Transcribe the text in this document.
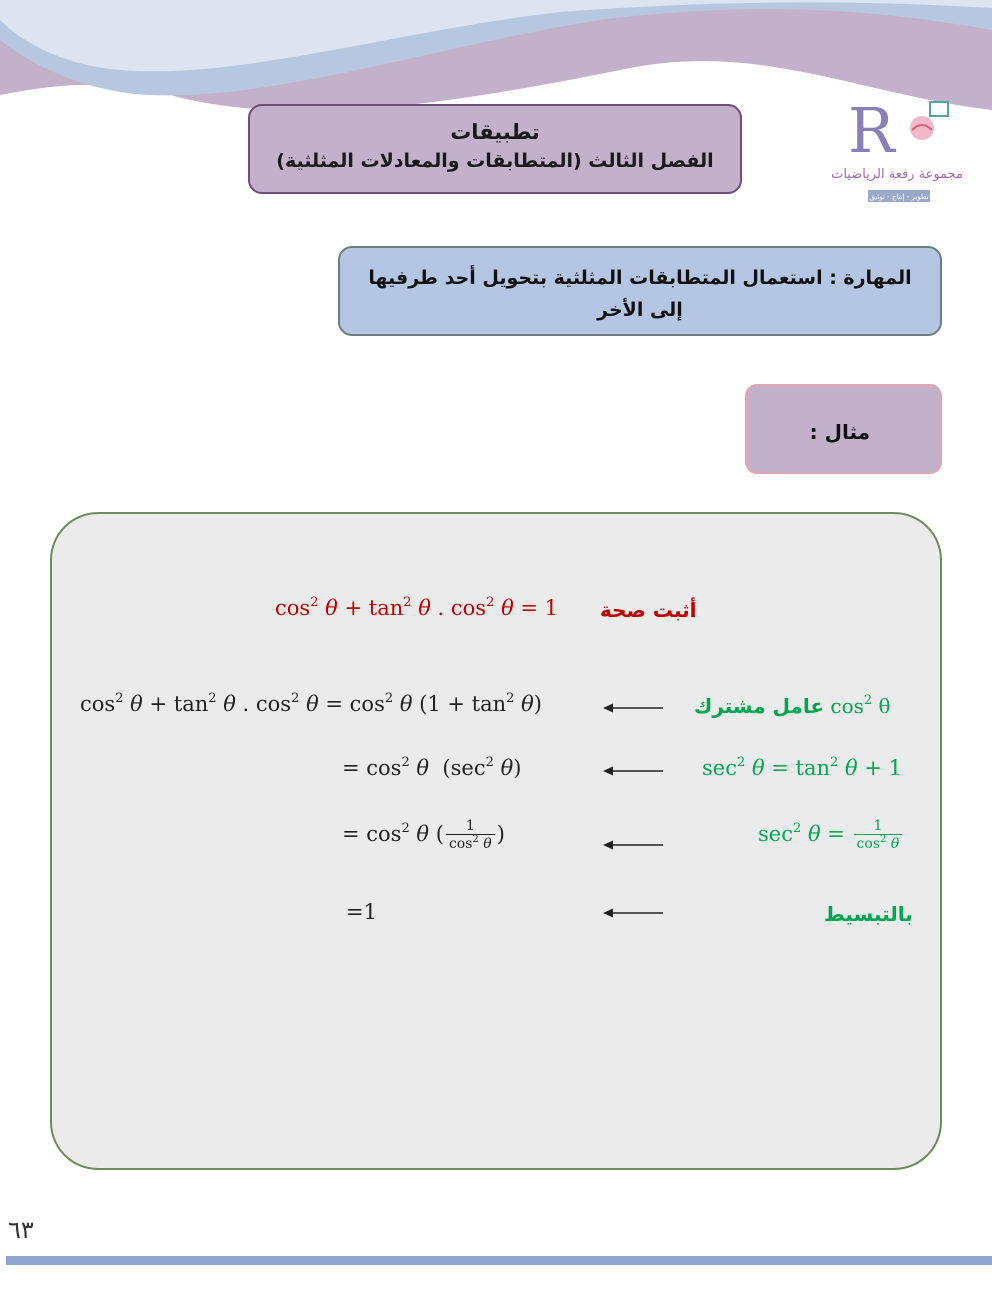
R
مجموعة رفعة الرياضيات
تطوير - إنتاج - توثيق
تطبيقات
الفصل الثالث (المتطابقات والمعادلات المثلثية)
المهارة : استعمال المتطابقات المثلثية بتحويل أحد طرفيها إلى الأخر
مثال :
$\cos^2 \theta + \tan^2 \theta$ . $\cos^2 \theta = 1$ أثبت صحة
$\cos^2 \theta + \tan^2 \theta$ . $\cos^2 \theta = \cos^2 \theta$ $(1 + \tan^2 \theta)$	عامل مشترك $\cos^2 \theta$
= $\cos^2 \theta$  ($\sec^2$ θ)	$\sec^2 \theta = \tan^2 \theta + 1$
= $\cos^2 \theta$ ( $\frac{1}{\cos^2 \theta}$ )	$\sec^2 \theta = \frac{1}{\cos^2 \theta}$
=1	بالتبسيط
٦٣
